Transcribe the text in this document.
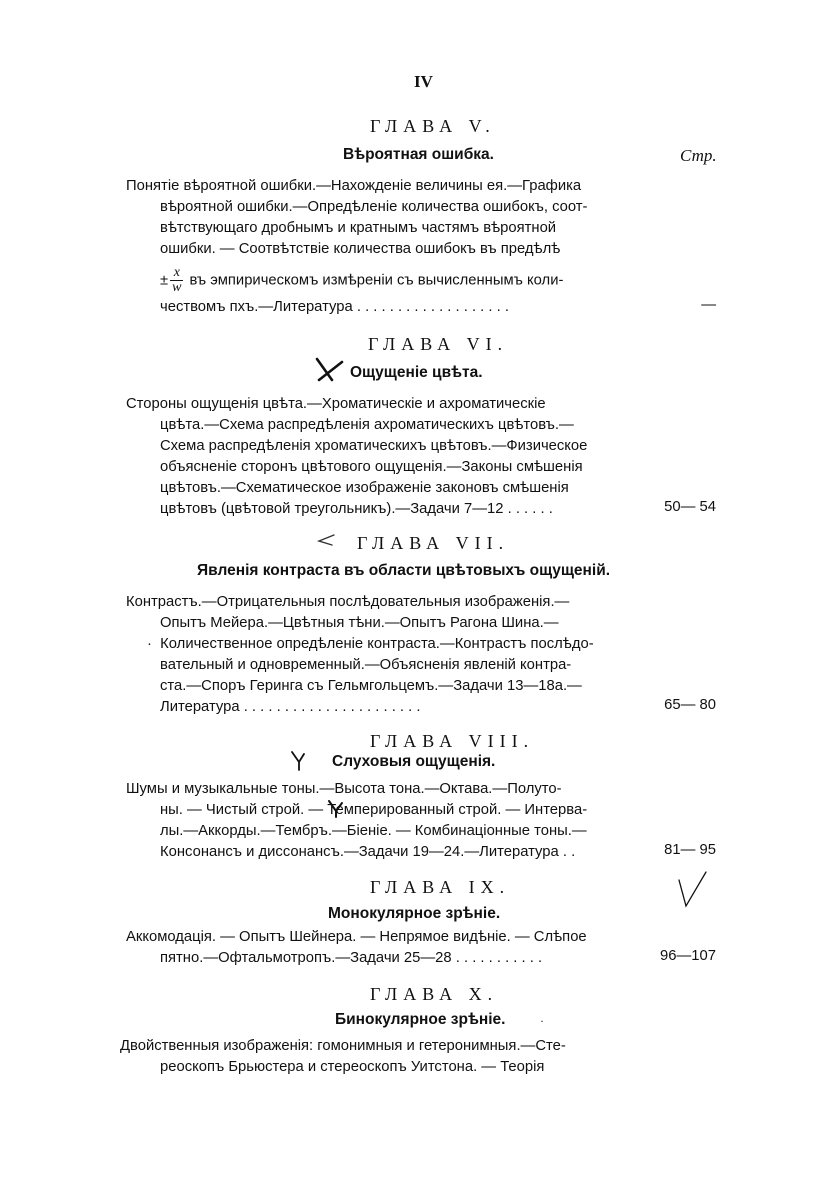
IV
ГЛАВА V.
Вѣроятная ошибка.	Стр.
Понятіе вѣроятной ошибки.—Нахожденіе величины ея.—Графика
вѣроятной ошибки.—Опредѣленіе количества ошибокъ, соот-
вѣтствующаго дробнымъ и кратнымъ частямъ вѣроятной
ошибки. — Соотвѣтствіе количества ошибокъ въ предѣлѣ
± $\frac{x}{w}$ въ эмпирическомъ измѣреніи съ вычисленнымъ коли-
чествомъ пхъ.—Литература . . . . . . . . . . . . . . . . . . .	—
ГЛАВА VI.
Ощущеніе цвѣта.
Стороны ощущенія цвѣта.—Хроматическіе и ахроматическіе
цвѣта.—Схема распредѣленія ахроматическихъ цвѣтовъ.—
Схема распредѣленія хроматическихъ цвѣтовъ.—Физическое
объясненіе сторонъ цвѣтового ощущенія.—Законы смѣшенія
цвѣтовъ.—Схематическое изображеніе законовъ смѣшенія
цвѣтовъ (цвѣтовой треугольникъ).—Задачи 7—12 . . . . . .	50— 54
ГЛАВА VII.
Явленія контраста въ области цвѣтовыхъ ощущеній.
Контрастъ.—Отрицательныя послѣдовательныя изображенія.—
Опытъ Мейера.—Цвѣтныя тѣни.—Опытъ Рагона Шина.—
·  Количественное опредѣленіе контраста.—Контрастъ послѣдо-
вательный и одновременный.—Объясненія явленій контра-
ста.—Споръ Геринга съ Гельмгольцемъ.—Задачи 13—18а.—
Литература . . . . . . . . . . . . . . . . . . . . . .	65— 80
ГЛАВА VIII.
Слуховыя ощущенія.
Шумы и музыкальные тоны.—Высота тона.—Октава.—Полуто-
ны. — Чистый строй. — Темперированный строй. — Интерва-
лы.—Аккорды.—Тембръ.—Біеніе. — Комбинаціонные тоны.—
Консонансъ и диссонансъ.—Задачи 19—24.—Литература . .	81— 95
ГЛАВА IX.
Монокулярное зрѣніе.
Аккомодація. — Опытъ Шейнера. — Непрямое видѣніе. — Слѣпое
пятно.—Офтальмотропъ.—Задачи 25—28 . . . . . . . . . . .	96—107
ГЛАВА X.
Бинокулярное зрѣніе.	·
Двойственныя изображенія: гомонимныя и гетеронимныя.—Сте-
реоскопъ Брьюстера и стереоскопъ Уитстона. — Теорія
